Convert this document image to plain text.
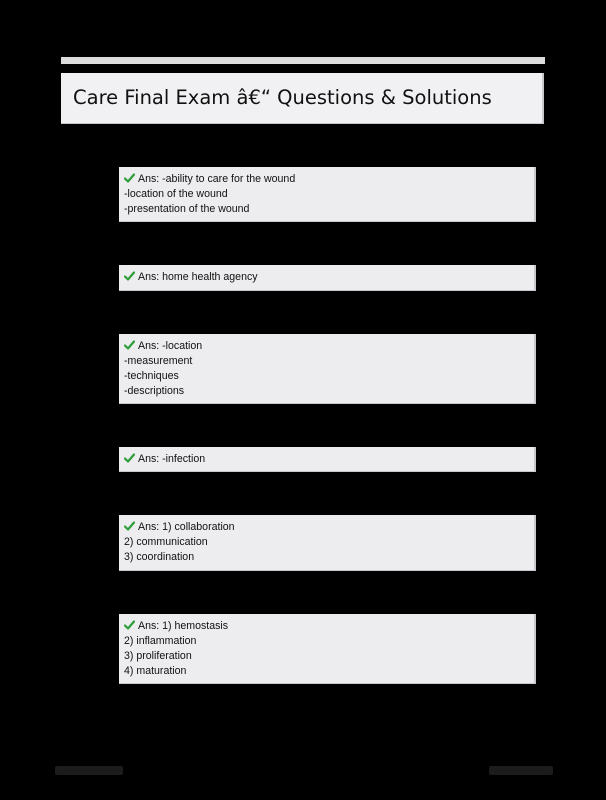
Care Final Exam â€“ Questions & Solutions
Ans: -ability to care for the wound
-location of the wound
-presentation of the wound
Ans: home health agency
Ans: -location
-measurement
-techniques
-descriptions
Ans: -infection
Ans: 1) collaboration
2) communication
3) coordination
Ans: 1) hemostasis
2) inflammation
3) proliferation
4) maturation
